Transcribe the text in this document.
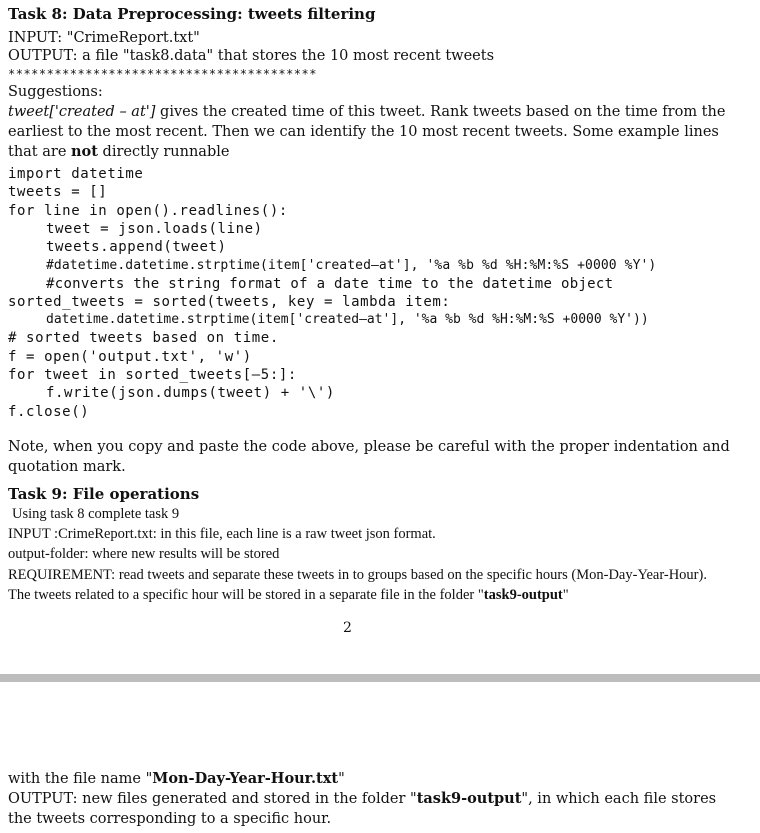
Task 8: Data Preprocessing: tweets filtering
INPUT: "CrimeReport.txt"
OUTPUT: a file "task8.data" that stores the 10 most recent tweets
****************************************
Suggestions:
tweet['created – at'] gives the created time of this tweet. Rank tweets based on the time from the earliest to the most recent. Then we can identify the 10 most recent tweets. Some example lines that are not directly runnable
import datetime
tweets = []
for line in open().readlines():
tweet = json.loads(line)
tweets.append(tweet)
#datetime.datetime.strptime(item['created–at'], '%a %b %d %H:%M:%S +0000 %Y')
#converts the string format of a date time to the datetime object
sorted_tweets = sorted(tweets, key = lambda item:
datetime.datetime.strptime(item['created–at'], '%a %b %d %H:%M:%S +0000 %Y'))
# sorted tweets based on time.
f = open('output.txt', 'w')
for tweet in sorted_tweets[–5:]:
f.write(json.dumps(tweet) + '\')
f.close()
Note, when you copy and paste the code above, please be careful with the proper indentation and quotation mark.
Task 9: File operations
Using task 8 complete task 9
INPUT :CrimeReport.txt: in this file, each line is a raw tweet json format.
output-folder: where new results will be stored
REQUIREMENT: read tweets and separate these tweets in to groups based on the specific hours (Mon-Day-Year-Hour). The tweets related to a specific hour will be stored in a separate file in the folder "task9-output"
2
with the file name "Mon-Day-Year-Hour.txt"
OUTPUT: new files generated and stored in the folder "task9-output", in which each file stores the tweets corresponding to a specific hour.
